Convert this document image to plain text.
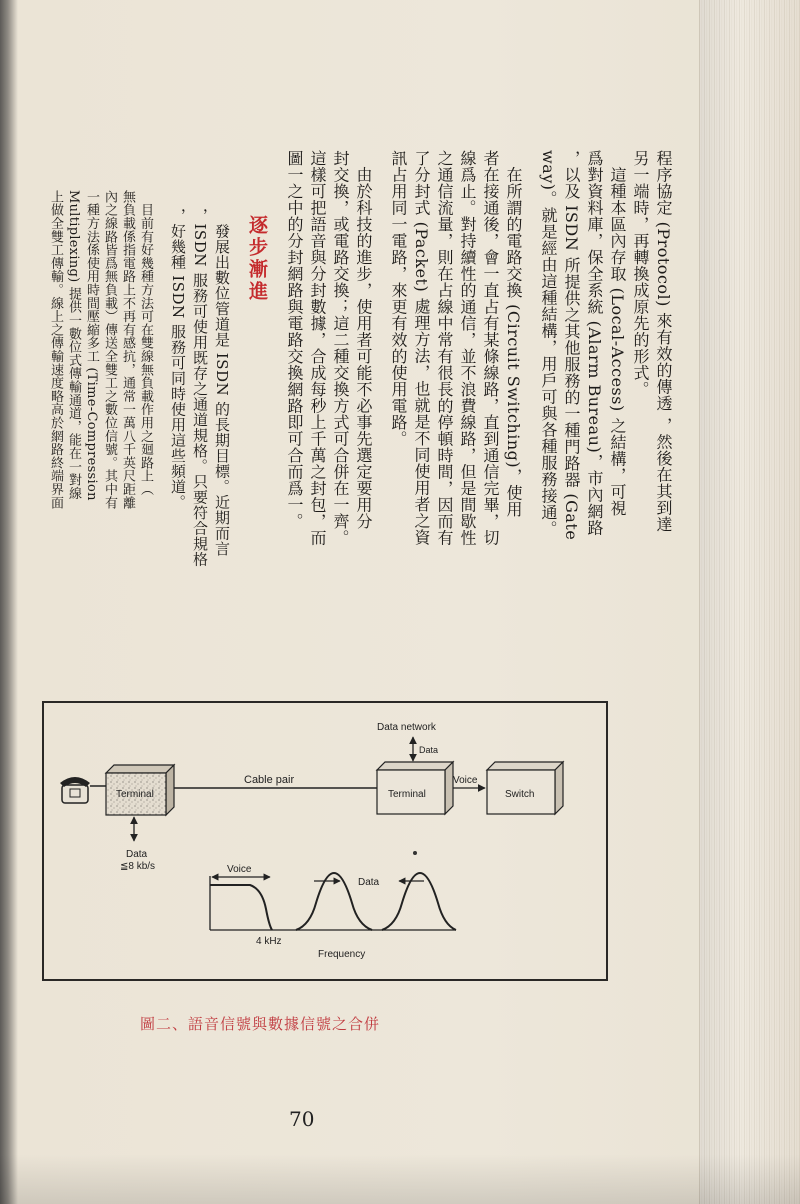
程序協定 (Protocol) 來有效的傳透 ，然後在其到達
另一端時，再轉換成原先的形式。
　這種本區內存取 (Local-Access) 之結構，可視
爲對資料庫，保全系統 (Alarm Bureau)，市內網路
，以及 ISDN 所提供之其他服務的一種門路器 (Gate
way)。就是經由這種結構，用戶可與各種服務接通。
　在所謂的電路交換 (Circuit Switching)，使用
者在接通後，會一直占有某條線路，直到通信完畢，切
線爲止。對持續性的通信，並不浪費線路，但是間歇性
之通信流量，則在占線中常有很長的停頓時間，因而有
了分封式 (Packet) 處理方法，也就是不同使用者之資
訊占用同一電路，來更有效的使用電路。
　由於科技的進步，使用者可能不必事先選定要用分
封交換，或電路交換；這二種交換方式可合併在一齊。
這樣可把語音與分封數據，合成每秒上千萬之封包，而
圖一之中的分封網路與電路交換網路即可合而爲一。
逐步漸進
　發展出數位管道是 ISDN 的長期目標。近期而言
，ISDN 服務可使用既存之通道規格。只要符合規格
，好幾種 ISDN 服務可同時使用這些頻道。
　目前有好幾種方法可在雙線無負載作用之廻路上（
無負載係指電路上不再有感抗，通常一萬八千英尺距離
內之線路皆爲無負載）傳送全雙工之數位信號。其中有
一種方法係使用時間壓縮多工 (Time-Compression
Multiplexing) 提供一數位式傳輸通道，能在一對線
上做全雙工傳輸。線上之傳輸速度略高於網路終端界面
Terminal
Cable pair
Terminal
Data network
Data
Voice
Switch
Data
≦8 kb/s	Voice
Data
4 kHz
Frequency
圖二、語音信號與數據信號之合併
70
